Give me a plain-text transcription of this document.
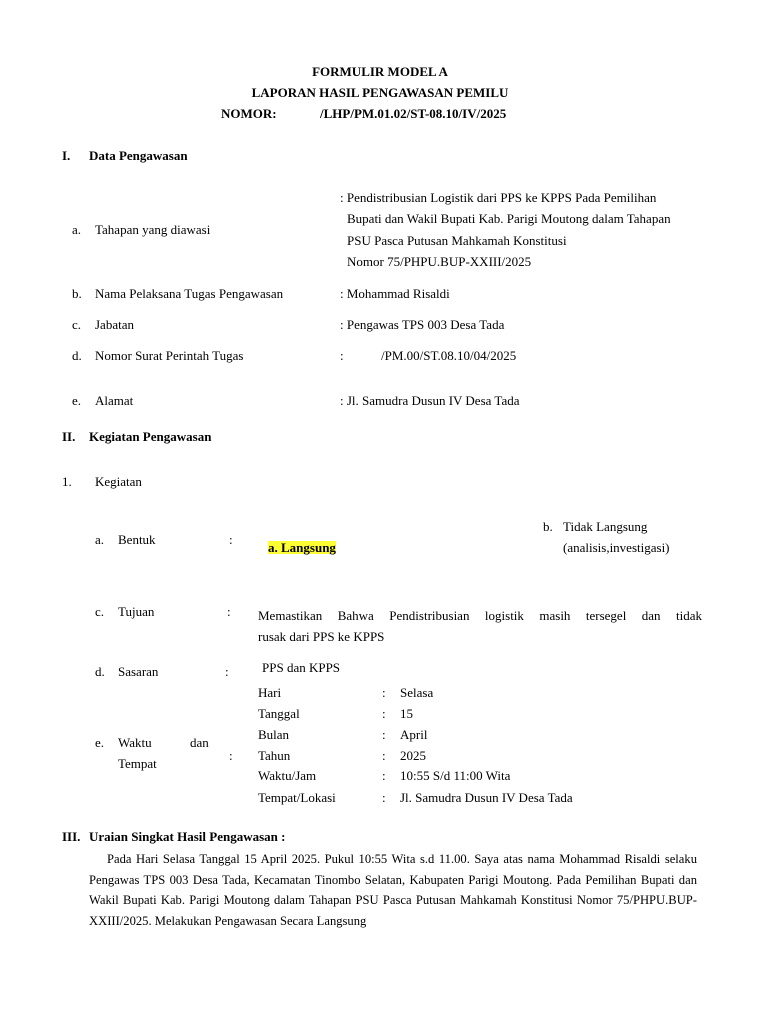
FORMULIR MODEL A
LAPORAN HASIL PENGAWASAN PEMILU
NOMOR:	/LHP/PM.01.02/ST-08.10/IV/2025
I. Data Pengawasan
a. Tahapan yang diawasi
: Pendistribusian Logistik dari PPS ke KPPS Pada Pemilihan
Bupati dan Wakil Bupati Kab. Parigi Moutong dalam Tahapan
PSU Pasca Putusan Mahkamah Konstitusi
Nomor 75/PHPU.BUP-XXIII/2025
b. Nama Pelaksana Tugas Pengawasan	: Mohammad Risaldi
c. Jabatan	: Pengawas TPS 003 Desa Tada
d. Nomor Surat Perintah Tugas	:	/PM.00/ST.08.10/04/2025
e. Alamat	: Jl. Samudra Dusun IV Desa Tada
II. Kegiatan Pengawasan
1. Kegiatan
a. Bentuk	:
a. Langsung
b. Tidak Langsung
(analisis,investigasi)
c. Tujuan	: Memastikan Bahwa Pendistribusian logistik masih tersegel dan tidak
rusak dari PPS ke KPPS
d. Sasaran	:	PPS dan KPPS
e. Waktu	dan
Tempat
:
Hari	: Selasa
Tanggal	: 15
Bulan	: April
Tahun	: 2025
Waktu/Jam	: 10:55 S/d 11:00 Wita
Tempat/Lokasi	: Jl. Samudra Dusun IV Desa Tada
III. Uraian Singkat Hasil Pengawasan :
Pada Hari Selasa Tanggal 15 April 2025. Pukul 10:55 Wita s.d 11.00. Saya atas nama Mohammad Risaldi selaku Pengawas TPS 003 Desa Tada, Kecamatan Tinombo Selatan, Kabupaten Parigi Moutong. Pada Pemilihan Bupati dan Wakil Bupati Kab. Parigi Moutong dalam Tahapan PSU Pasca Putusan Mahkamah Konstitusi Nomor 75/PHPU.BUP-XXIII/2025. Melakukan Pengawasan Secara Langsung
